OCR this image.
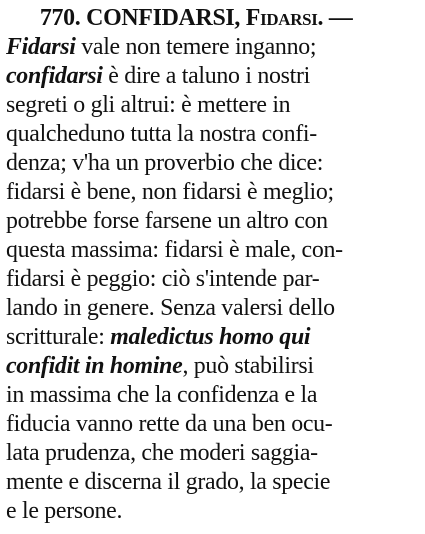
770. CONFIDARSI, Fidarsi. —
Fidarsi vale non temere inganno;
confidarsi è dire a taluno i nostri
segreti o gli altrui: è mettere in
qualcheduno tutta la nostra confi-
denza; v'ha un proverbio che dice:
fidarsi è bene, non fidarsi è meglio;
potrebbe forse farsene un altro con
questa massima: fidarsi è male, con-
fidarsi è peggio: ciò s'intende par-
lando in genere. Senza valersi dello
scritturale: maledictus homo qui
confidit in homine, può stabilirsi
in massima che la confidenza e la
fiducia vanno rette da una ben ocu-
lata prudenza, che moderi saggia-
mente e discerna il grado, la specie
e le persone.
